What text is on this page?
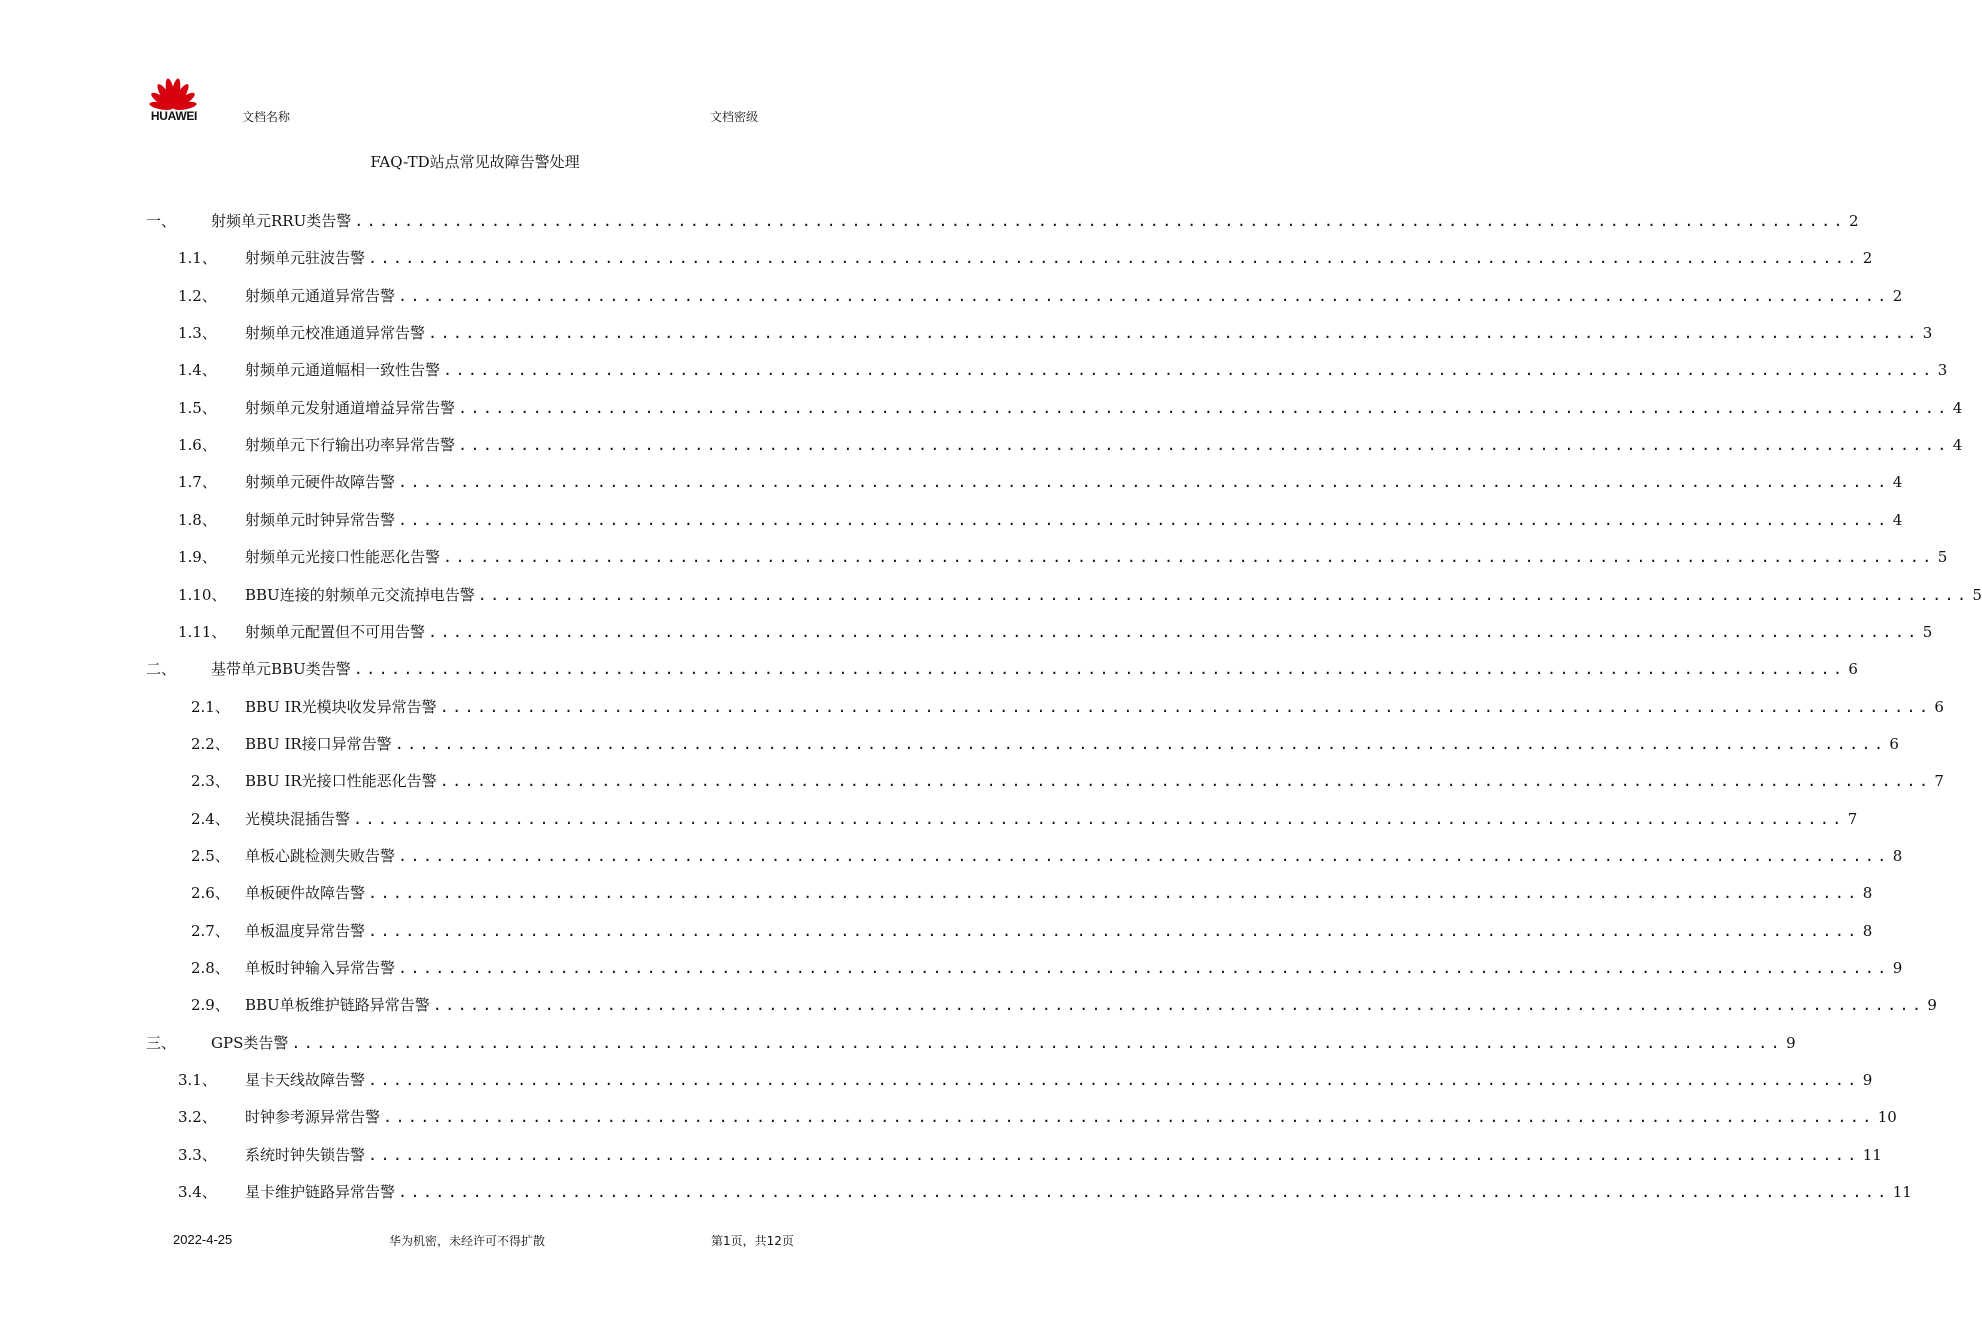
HUAWEI	文档名称	文档密级
FAQ-TD站点常见故障告警处理
一、 射频单元RRU类告警 ........................................................................................................................ 2
1.1、 射频单元驻波告警 ........................................................................................................................ 2
1.2、 射频单元通道异常告警 ........................................................................................................................ 2
1.3、 射频单元校准通道异常告警 ........................................................................................................................ 3
1.4、 射频单元通道幅相一致性告警 ........................................................................................................................ 3
1.5、 射频单元发射通道增益异常告警 ........................................................................................................................ 4
1.6、 射频单元下行输出功率异常告警 ........................................................................................................................ 4
1.7、 射频单元硬件故障告警 ........................................................................................................................ 4
1.8、 射频单元时钟异常告警 ........................................................................................................................ 4
1.9、 射频单元光接口性能恶化告警 ........................................................................................................................ 5
1.10、 BBU连接的射频单元交流掉电告警 ........................................................................................................................ 5
1.11、 射频单元配置但不可用告警 ........................................................................................................................ 5
二、 基带单元BBU类告警 ........................................................................................................................ 6
2.1、 BBU IR光模块收发异常告警 ........................................................................................................................ 6
2.2、 BBU IR接口异常告警 ........................................................................................................................ 6
2.3、 BBU IR光接口性能恶化告警 ........................................................................................................................ 7
2.4、 光模块混插告警 ........................................................................................................................ 7
2.5、 单板心跳检测失败告警 ........................................................................................................................ 8
2.6、 单板硬件故障告警 ........................................................................................................................ 8
2.7、 单板温度异常告警 ........................................................................................................................ 8
2.8、 单板时钟输入异常告警 ........................................................................................................................ 9
2.9、 BBU单板维护链路异常告警 ........................................................................................................................ 9
三、 GPS类告警 ........................................................................................................................ 9
3.1、 星卡天线故障告警 ........................................................................................................................ 9
3.2、 时钟参考源异常告警 ........................................................................................................................ 10
3.3、 系统时钟失锁告警 ........................................................................................................................ 11
3.4、 星卡维护链路异常告警 ........................................................................................................................ 11
2022-4-25	华为机密，未经许可不得扩散	第1页，共12页
